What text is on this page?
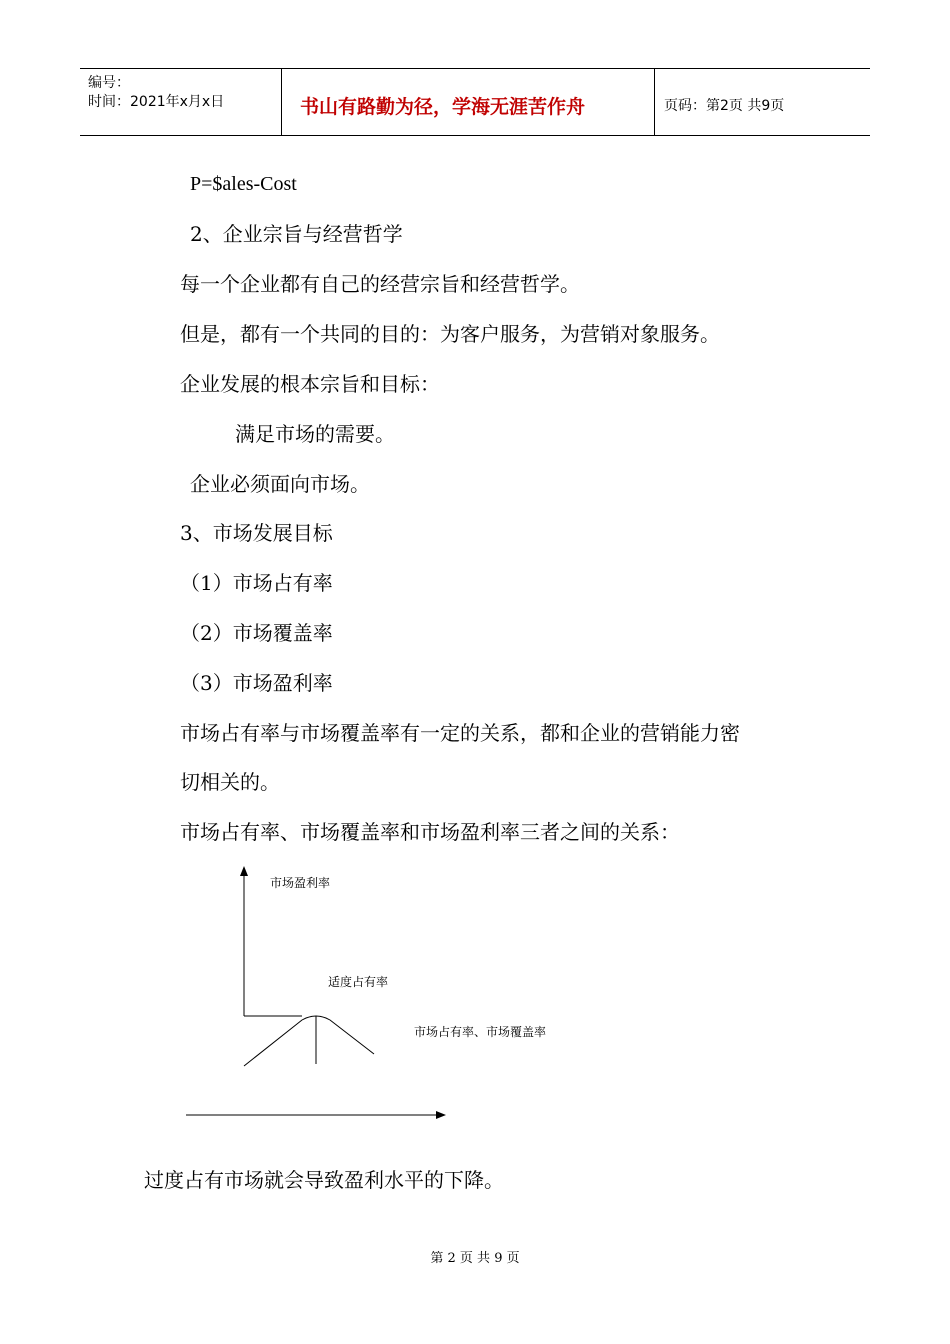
编号：
时间：2021年x月x日	书山有路勤为径，学海无涯苦作舟	页码：第2页 共9页
P=$ales-Cost
2、企业宗旨与经营哲学
每一个企业都有自己的经营宗旨和经营哲学。
但是，都有一个共同的目的：为客户服务，为营销对象服务。
企业发展的根本宗旨和目标：
满足市场的需要。
企业必须面向市场。
3、市场发展目标
（1）市场占有率
（2）市场覆盖率
（3）市场盈利率
市场占有率与市场覆盖率有一定的关系，都和企业的营销能力密
切相关的。
市场占有率、市场覆盖率和市场盈利率三者之间的关系：
市场盈利率
适度占有率
市场占有率、市场覆盖率
过度占有市场就会导致盈利水平的下降。
第 2 页 共 9 页
